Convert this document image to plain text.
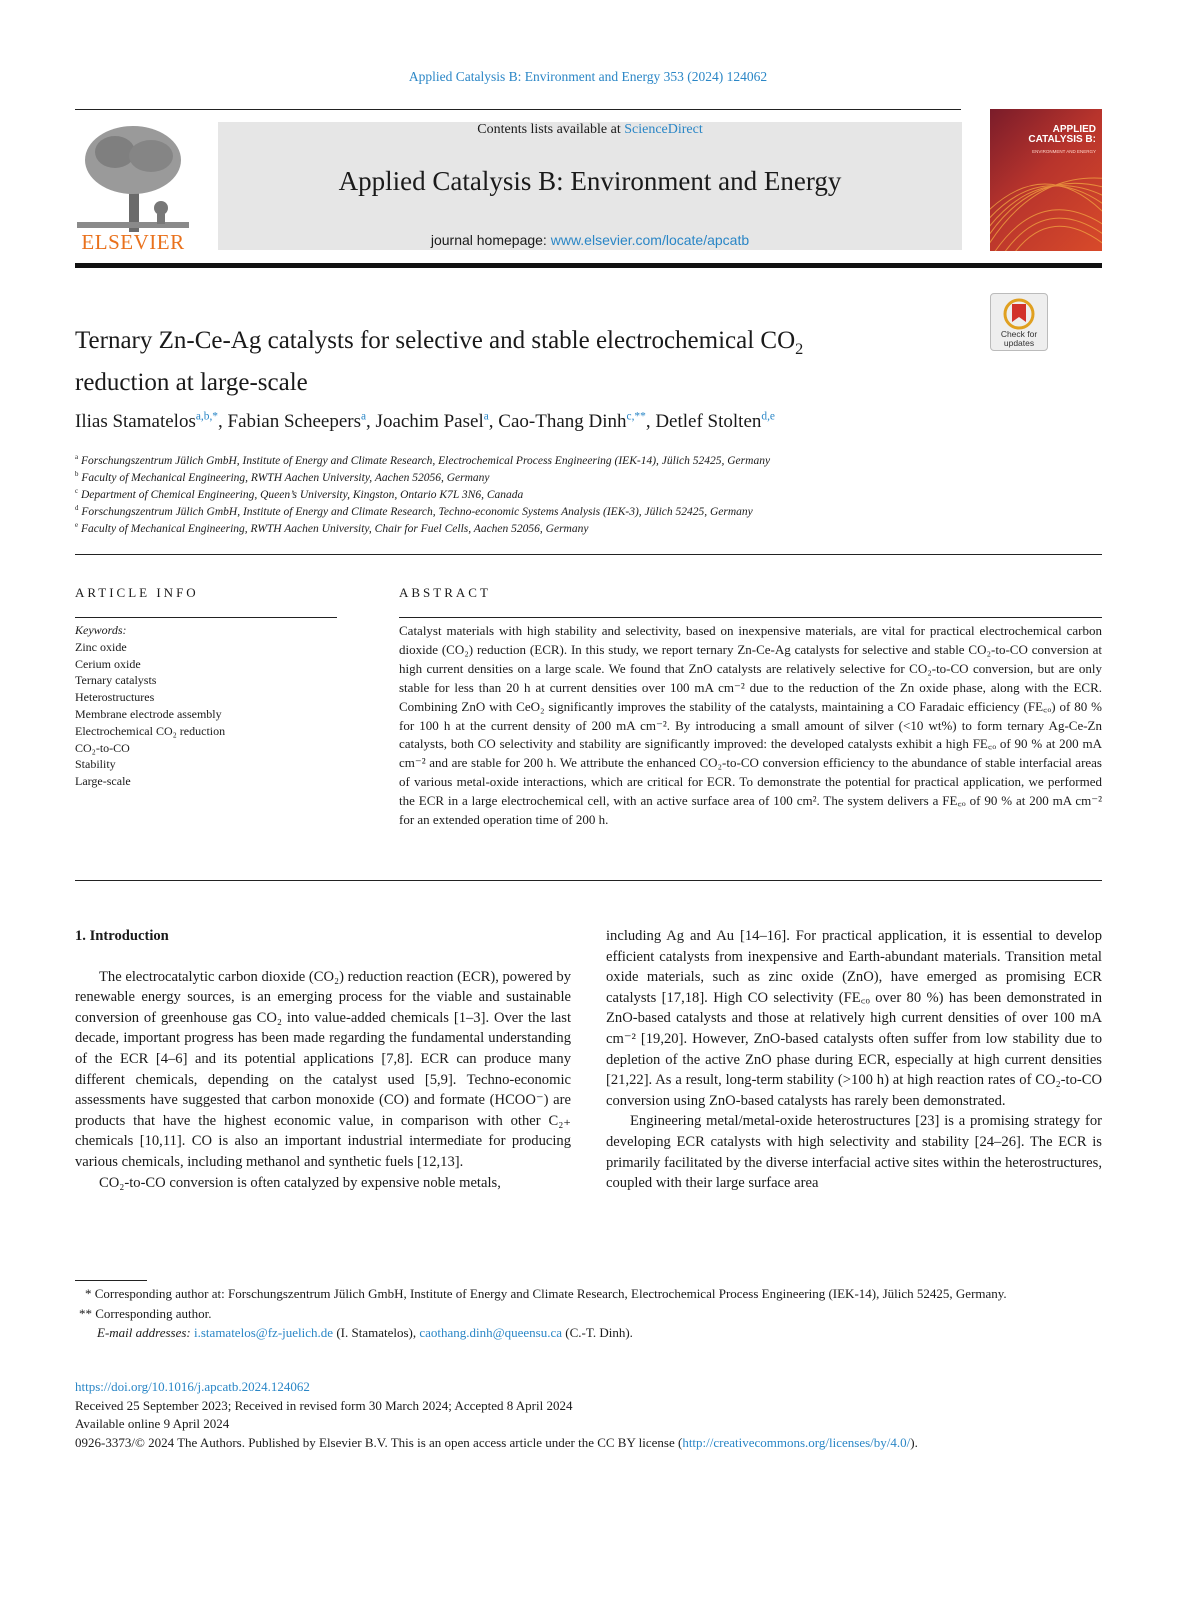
Applied Catalysis B: Environment and Energy 353 (2024) 124062
ELSEVIER
Contents lists available at ScienceDirect
Applied Catalysis B: Environment and Energy
journal homepage: www.elsevier.com/locate/apcatb
APPLIED CATALYSIS B:
ENVIRONMENT AND ENERGY
Ternary Zn-Ce-Ag catalysts for selective and stable electrochemical $CO_2$
reduction at large-scale
Check for updates
Ilias Stamatelos$^{a,b,*}$, Fabian Scheepers$^a$, Joachim Pasel$^a$, Cao-Thang Dinh$^{c,**}$, Detlef Stolten$^{d,e}$
$^a$ Forschungszentrum Jülich GmbH, Institute of Energy and Climate Research, Electrochemical Process Engineering (IEK-14), Jülich 52425, Germany
$^b$ Faculty of Mechanical Engineering, RWTH Aachen University, Aachen 52056, Germany
$^c$ Department of Chemical Engineering, Queen’s University, Kingston, Ontario K7L 3N6, Canada
$^d$ Forschungszentrum Jülich GmbH, Institute of Energy and Climate Research, Techno-economic Systems Analysis (IEK-3), Jülich 52425, Germany
$^e$ Faculty of Mechanical Engineering, RWTH Aachen University, Chair for Fuel Cells, Aachen 52056, Germany
ARTICLE INFO	ABSTRACT
Keywords:
Zinc oxide
Cerium oxide
Ternary catalysts
Heterostructures
Membrane electrode assembly
Electrochemical CO₂ reduction
CO₂-to-CO
Stability
Large-scale
Catalyst materials with high stability and selectivity, based on inexpensive materials, are vital for practical electrochemical carbon dioxide (CO₂) reduction (ECR). In this study, we report ternary Zn-Ce-Ag catalysts for selective and stable CO₂-to-CO conversion at high current densities on a large scale. We found that ZnO catalysts are relatively selective for CO₂-to-CO conversion, but are only stable for less than 20 h at current densities over 100 mA cm⁻² due to the reduction of the Zn oxide phase, along with the ECR. Combining ZnO with CeO₂ significantly improves the stability of the catalysts, maintaining a CO Faradaic efficiency (FE꜀ₒ) of 80 % for 100 h at the current density of 200 mA cm⁻². By introducing a small amount of silver (<10 wt%) to form ternary Ag-Ce-Zn catalysts, both CO selectivity and stability are significantly improved: the developed catalysts exhibit a high FE꜀ₒ of 90 % at 200 mA cm⁻² and are stable for 200 h. We attribute the enhanced CO₂-to-CO conversion efficiency to the abundance of stable interfacial areas of various metal-oxide interactions, which are critical for ECR. To demonstrate the potential for practical application, we performed the ECR in a large electrochemical cell, with an active surface area of 100 cm². The system delivers a FE꜀ₒ of 90 % at 200 mA cm⁻² for an extended operation time of 200 h.
1. Introduction

The electrocatalytic carbon dioxide (CO₂) reduction reaction (ECR), powered by renewable energy sources, is an emerging process for the viable and sustainable conversion of greenhouse gas CO₂ into value-added chemicals [1–3]. Over the last decade, important progress has been made regarding the fundamental understanding of the ECR [4–6] and its potential applications [7,8]. ECR can produce many different chemicals, depending on the catalyst used [5,9]. Techno-economic assessments have suggested that carbon monoxide (CO) and formate (HCOO⁻) are products that have the highest economic value, in comparison with other C₂₊ chemicals [10,11]. CO is also an important industrial intermediate for producing various chemicals, including methanol and synthetic fuels [12,13].

CO₂-to-CO conversion is often catalyzed by expensive noble metals,

including Ag and Au [14–16]. For practical application, it is essential to develop efficient catalysts from inexpensive and Earth-abundant materials. Transition metal oxide materials, such as zinc oxide (ZnO), have emerged as promising ECR catalysts [17,18]. High CO selectivity (FE꜀ₒ over 80 %) has been demonstrated in ZnO-based catalysts and those at relatively high current densities of over 100 mA cm⁻² [19,20]. However, ZnO-based catalysts often suffer from low stability due to depletion of the active ZnO phase during ECR, especially at high current densities [21,22]. As a result, long-term stability (>100 h) at high reaction rates of CO₂-to-CO conversion using ZnO-based catalysts has rarely been demonstrated.

Engineering metal/metal-oxide heterostructures [23] is a promising strategy for developing ECR catalysts with high selectivity and stability [24–26]. The ECR is primarily facilitated by the diverse interfacial active sites within the heterostructures, coupled with their large surface area

* Corresponding author at: Forschungszentrum Jülich GmbH, Institute of Energy and Climate Research, Electrochemical Process Engineering (IEK-14), Jülich 52425, Germany.
** Corresponding author.
E-mail addresses: i.stamatelos@fz-juelich.de (I. Stamatelos), caothang.dinh@queensu.ca (C.-T. Dinh).
https://doi.org/10.1016/j.apcatb.2024.124062
Received 25 September 2023; Received in revised form 30 March 2024; Accepted 8 April 2024
Available online 9 April 2024
0926-3373/© 2024 The Authors. Published by Elsevier B.V. This is an open access article under the CC BY license (http://creativecommons.org/licenses/by/4.0/).
